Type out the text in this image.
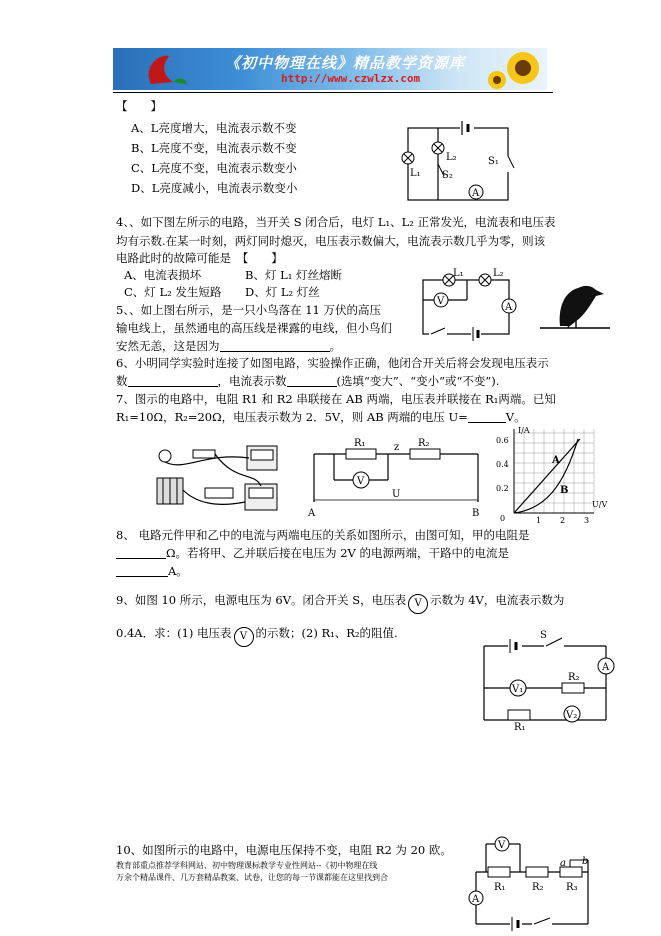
《初中物理在线》精品教学资源库
http://www.czwlzx.com
【　　】
A、L亮度增大，电流表示数不变
B、L亮度不变，电流表示数不变
C、L亮度不变，电流表示数变小
D、L亮度减小，电流表示数变小	A
L₁
L₂
S₂
S₁
4、、如下图左所示的电路，当开关 S 闭合后，电灯 L₁、L₂ 正常发光，电流表和电压表
均有示数.在某一时刻，两灯同时熄灭，电压表示数偏大，电流表示数几乎为零，则该
电路此时的故障可能是　【　　】
A、电流表损坏	B、灯 L₁ 灯丝熔断
C、灯 L₂ 发生短路 D、灯 L₂ 灯丝
L₁	L₂
V
A
5、、如上图右所示，是一只小鸟落在 11 万伏的高压
输电线上，虽然通电的高压线是裸露的电线，但小鸟们
安然无恙，这是因为	。
6、小明同学实验时连接了如图电路，实验操作正确，他闭合开关后将会发现电压表示
数	，电流表示数	(选填“变大”、“变小”或“不变”).
7、图示的电路中，电阻 R1 和 R2 串联接在 AB 两端，电压表并联接在 R₁两端。已知
R₁=10Ω，R₂=20Ω，电压表示数为 2．5V，则 AB 两端的电压 U=	V。
R₁	z R₂
V
U
A	B
I/A
U/V
0	1 2 3
0.6
0.4
0.2
A
B
8、 电路元件甲和乙中的电流与两端电压的关系如图所示，由图可知，甲的电阻是
Ω。若将甲、乙并联后接在电压为 2V 的电源两端，干路中的电流是
A。
9、如图 10 所示，电源电压为 6V。闭合开关 S，电压表 V 示数为 4V，电流表示数为
0.4A．求：(1) 电压表 V 的示数；(2) R₁、R₂的阻值.	S
A
V₁
R₂
V₂
R₁
10、如图所示的电路中，电源电压保持不变，电阻 R2 为 20 欧。
教育部重点推荐学科网站、初中物理课标教学专业性网站--《初中物理在线
万余个精品课件、几万套精品教案、试卷，让您的每一节课都能在这里找到合
V
R₁	R₂ R₃
a b
A
